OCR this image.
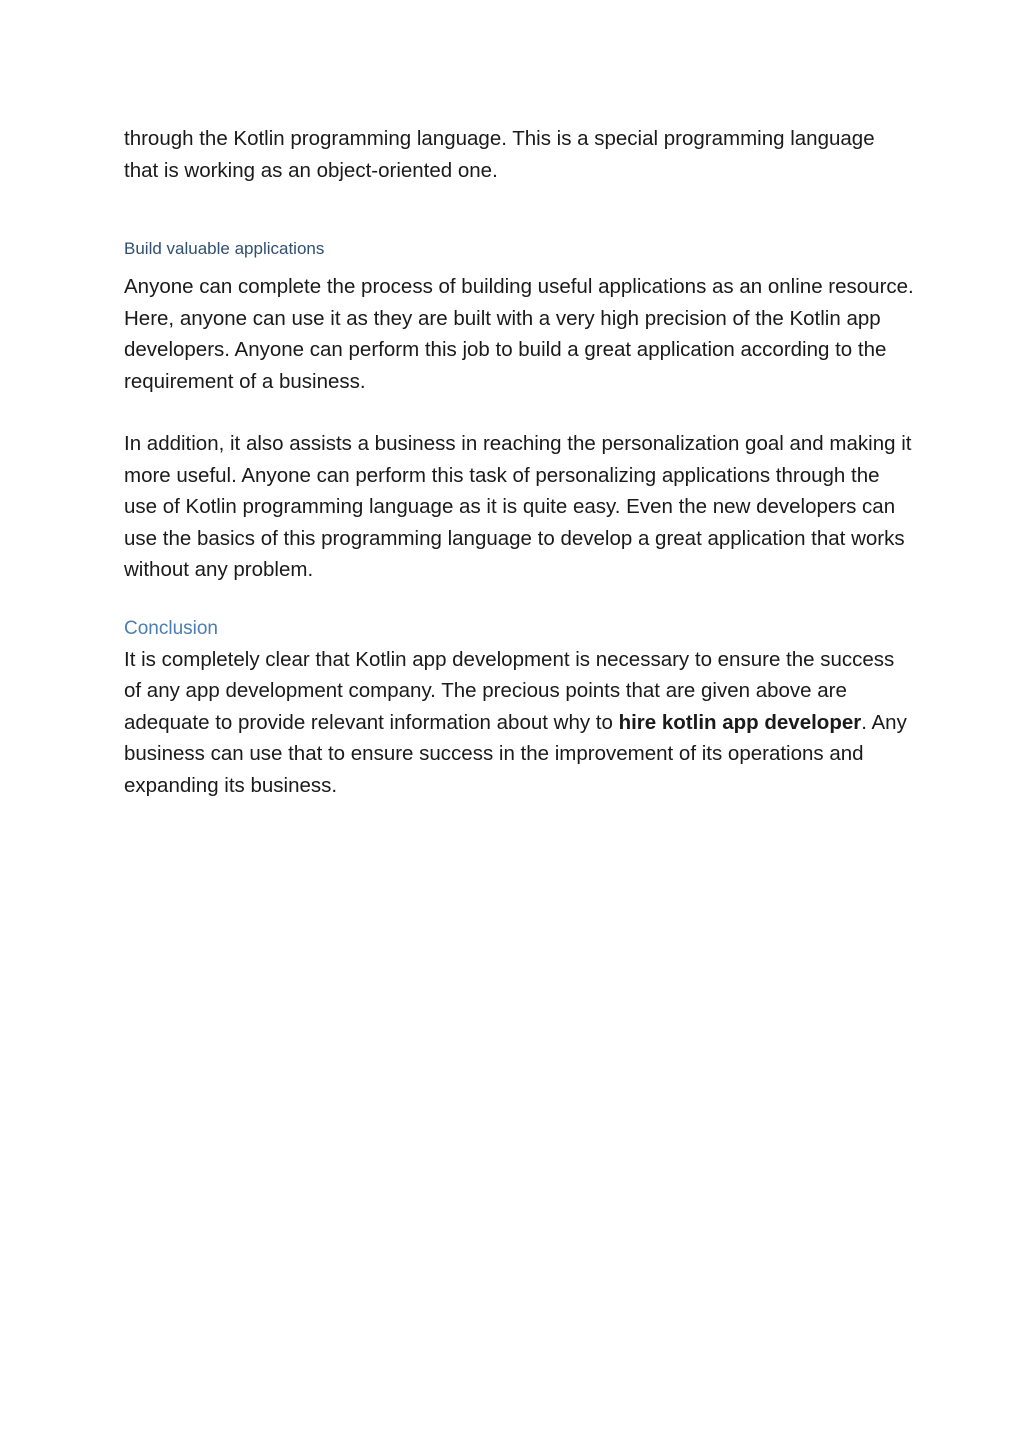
through the Kotlin programming language. This is a special programming language that is working as an object-oriented one.

Build valuable applications

Anyone can complete the process of building useful applications as an online resource. Here, anyone can use it as they are built with a very high precision of the Kotlin app developers. Anyone can perform this job to build a great application according to the requirement of a business.

In addition, it also assists a business in reaching the personalization goal and making it more useful. Anyone can perform this task of personalizing applications through the use of Kotlin programming language as it is quite easy. Even the new developers can use the basics of this programming language to develop a great application that works without any problem.

Conclusion

It is completely clear that Kotlin app development is necessary to ensure the success of any app development company. The precious points that are given above are adequate to provide relevant information about why to hire kotlin app developer. Any business can use that to ensure success in the improvement of its operations and expanding its business.
